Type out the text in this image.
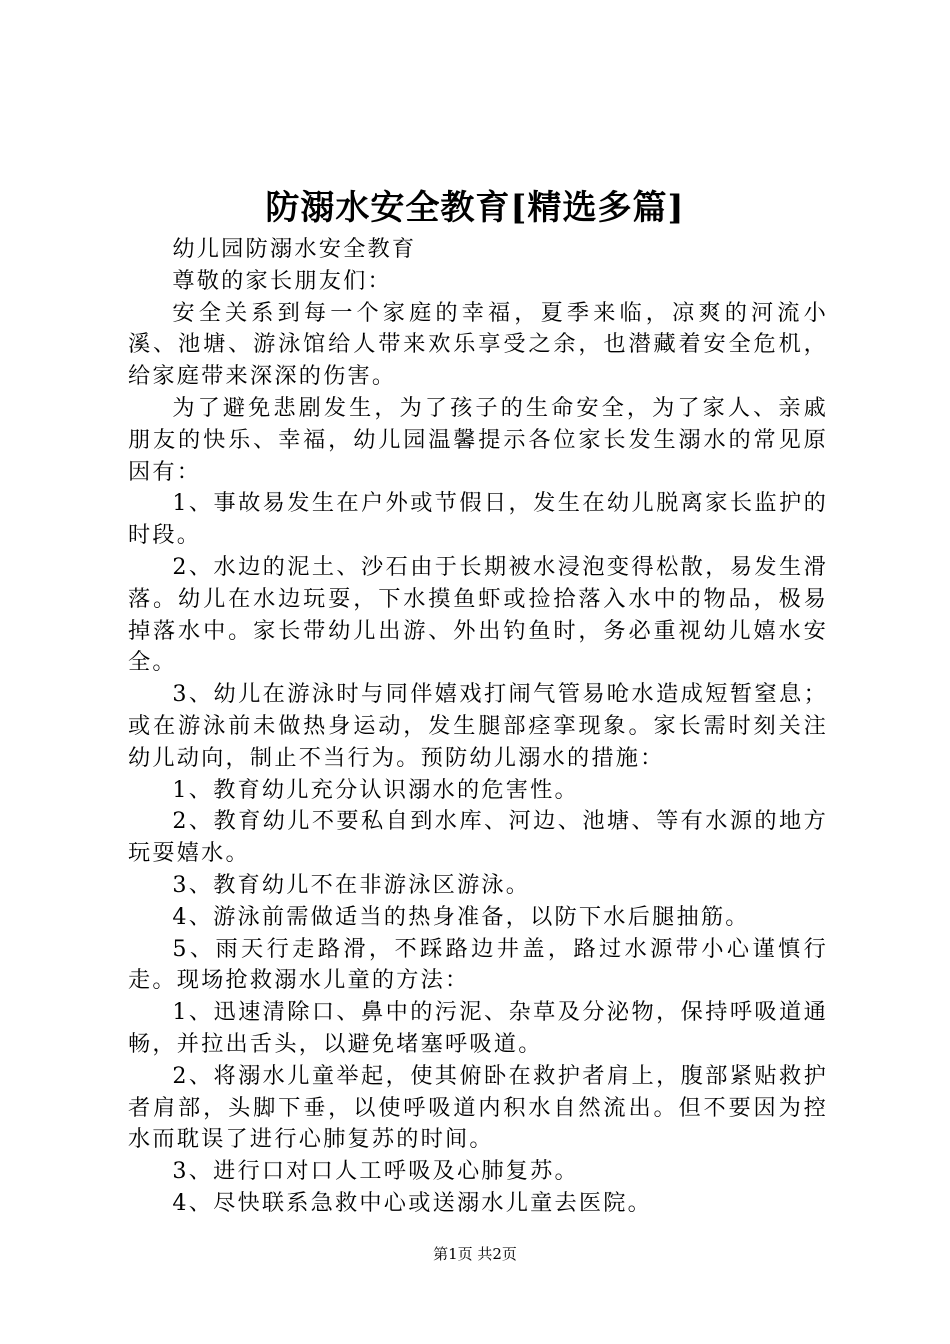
防溺水安全教育[精选多篇]

幼儿园防溺水安全教育

尊敬的家长朋友们：

安全关系到每一个家庭的幸福，夏季来临，凉爽的河流小溪、池塘、游泳馆给人带来欢乐享受之余，也潜藏着安全危机，给家庭带来深深的伤害。

为了避免悲剧发生，为了孩子的生命安全，为了家人、亲戚朋友的快乐、幸福，幼儿园温馨提示各位家长发生溺水的常见原因有：

1、事故易发生在户外或节假日，发生在幼儿脱离家长监护的时段。

2、水边的泥土、沙石由于长期被水浸泡变得松散，易发生滑落。幼儿在水边玩耍，下水摸鱼虾或捡拾落入水中的物品，极易掉落水中。家长带幼儿出游、外出钓鱼时，务必重视幼儿嬉水安全。

3、幼儿在游泳时与同伴嬉戏打闹气管易呛水造成短暂窒息；或在游泳前未做热身运动，发生腿部痉挛现象。家长需时刻关注幼儿动向，制止不当行为。预防幼儿溺水的措施：

1、教育幼儿充分认识溺水的危害性。

2、教育幼儿不要私自到水库、河边、池塘、等有水源的地方玩耍嬉水。

3、教育幼儿不在非游泳区游泳。

4、游泳前需做适当的热身准备，以防下水后腿抽筋。

5、雨天行走路滑，不踩路边井盖，路过水源带小心谨慎行走。现场抢救溺水儿童的方法：

1、迅速清除口、鼻中的污泥、杂草及分泌物，保持呼吸道通畅，并拉出舌头，以避免堵塞呼吸道。

2、将溺水儿童举起，使其俯卧在救护者肩上，腹部紧贴救护者肩部，头脚下垂，以使呼吸道内积水自然流出。但不要因为控水而耽误了进行心肺复苏的时间。

3、进行口对口人工呼吸及心肺复苏。

4、尽快联系急救中心或送溺水儿童去医院。

第1页 共2页
